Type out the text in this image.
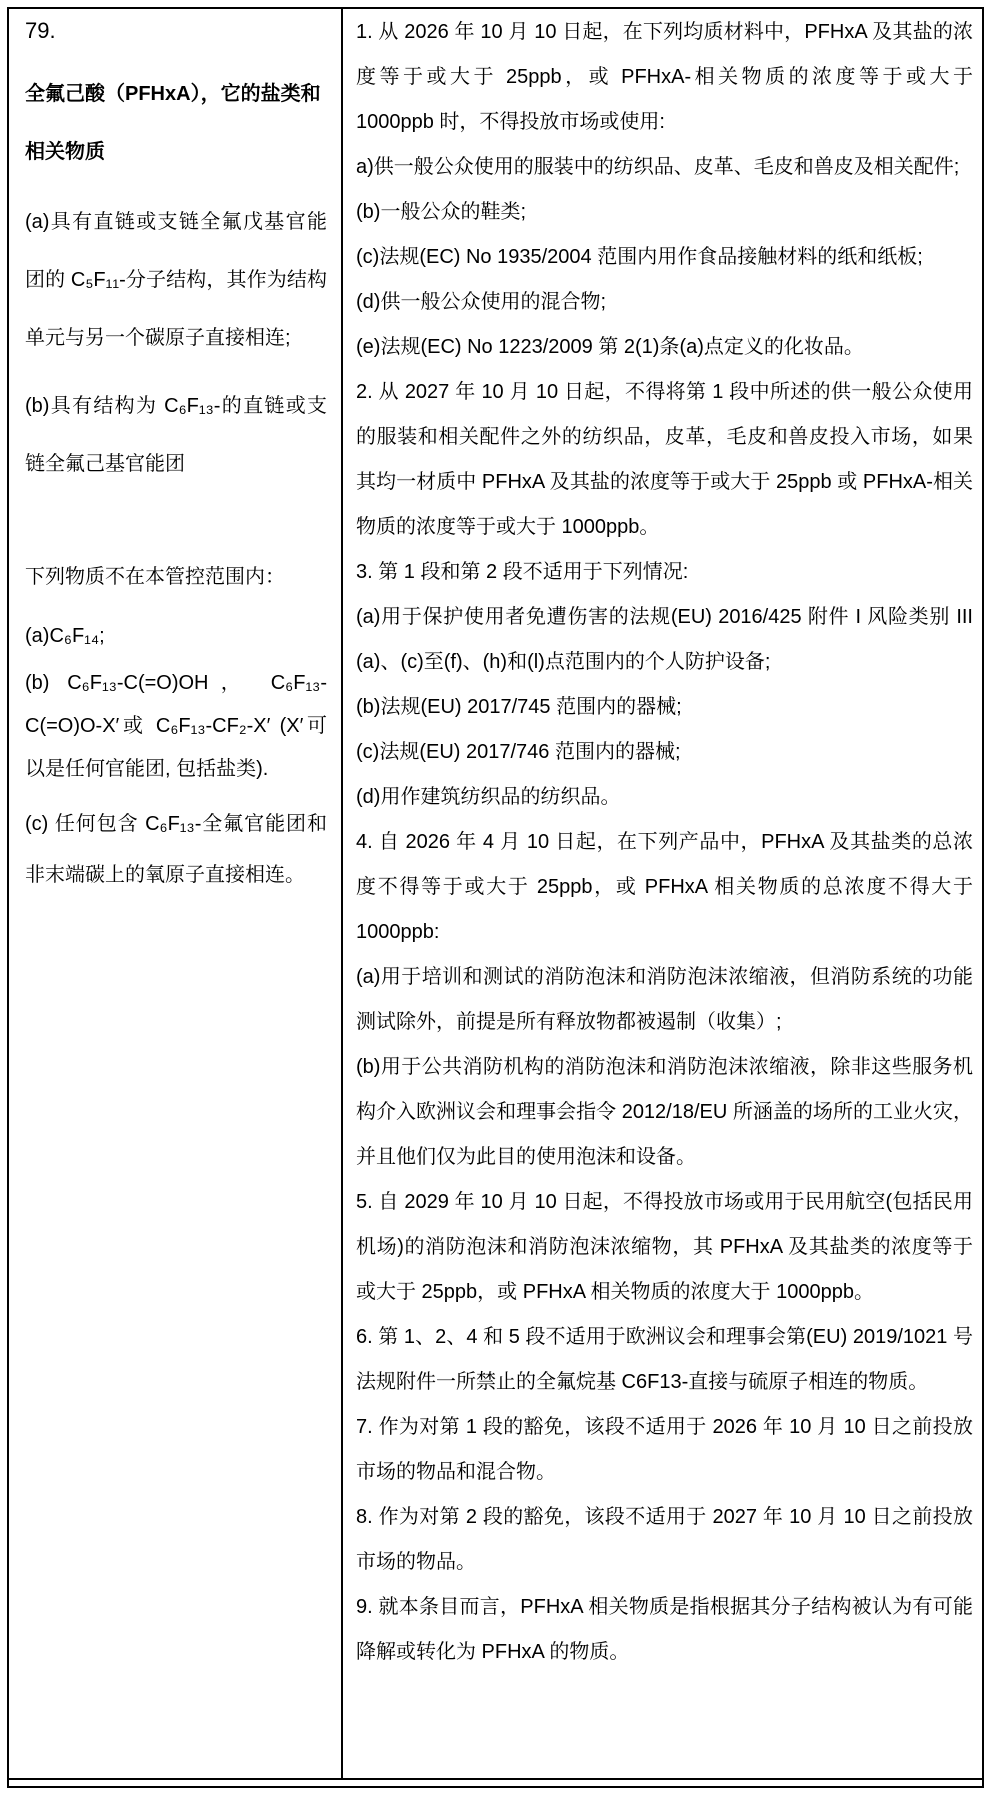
79.
全氟己酸（PFHxA），它的盐类和相关物质

(a)具有直链或支链全氟戊基官能团的 C₅F₁₁-分子结构，其作为结构单元与另一个碳原子直接相连;

(b)具有结构为 C₆F₁₃-的直链或支链全氟己基官能团

下列物质不在本管控范围内：

(a)C₆F₁₄;

(b) C₆F₁₃-C(=O)OH， C₆F₁₃-C(=O)O-X′或 C₆F₁₃-CF₂-X′ (X′可以是任何官能团, 包括盐类).

(c) 任何包含 C₆F₁₃-全氟官能团和非末端碳上的氧原子直接相连。

1. 从 2026 年 10 月 10 日起，在下列均质材料中，PFHxA 及其盐的浓度等于或大于 25ppb，或 PFHxA-相关物质的浓度等于或大于 1000ppb 时，不得投放市场或使用:

a)供一般公众使用的服装中的纺织品、皮革、毛皮和兽皮及相关配件;

(b)一般公众的鞋类;

(c)法规(EC) No 1935/2004 范围内用作食品接触材料的纸和纸板;

(d)供一般公众使用的混合物;

(e)法规(EC) No 1223/2009 第 2(1)条(a)点定义的化妆品。

2. 从 2027 年 10 月 10 日起，不得将第 1 段中所述的供一般公众使用的服装和相关配件之外的纺织品，皮革，毛皮和兽皮投入市场，如果其均一材质中 PFHxA 及其盐的浓度等于或大于 25ppb 或 PFHxA-相关物质的浓度等于或大于 1000ppb。

3. 第 1 段和第 2 段不适用于下列情况:

(a)用于保护使用者免遭伤害的法规(EU) 2016/425 附件 I 风险类别 III (a)、(c)至(f)、(h)和(l)点范围内的个人防护设备;

(b)法规(EU) 2017/745 范围内的器械;

(c)法规(EU) 2017/746 范围内的器械;

(d)用作建筑纺织品的纺织品。

4. 自 2026 年 4 月 10 日起，在下列产品中，PFHxA 及其盐类的总浓度不得等于或大于 25ppb，或 PFHxA 相关物质的总浓度不得大于 1000ppb:

(a)用于培训和测试的消防泡沫和消防泡沫浓缩液，但消防系统的功能测试除外，前提是所有释放物都被遏制（收集）;

(b)用于公共消防机构的消防泡沫和消防泡沫浓缩液，除非这些服务机构介入欧洲议会和理事会指令 2012/18/EU 所涵盖的场所的工业火灾，并且他们仅为此目的使用泡沫和设备。

5. 自 2029 年 10 月 10 日起，不得投放市场或用于民用航空(包括民用机场)的消防泡沫和消防泡沫浓缩物，其 PFHxA 及其盐类的浓度等于或大于 25ppb，或 PFHxA 相关物质的浓度大于 1000ppb。

6. 第 1、2、4 和 5 段不适用于欧洲议会和理事会第(EU) 2019/1021 号法规附件一所禁止的全氟烷基 C6F13-直接与硫原子相连的物质。

7. 作为对第 1 段的豁免，该段不适用于 2026 年 10 月 10 日之前投放市场的物品和混合物。

8. 作为对第 2 段的豁免，该段不适用于 2027 年 10 月 10 日之前投放市场的物品。

9. 就本条目而言，PFHxA 相关物质是指根据其分子结构被认为有可能降解或转化为 PFHxA 的物质。
